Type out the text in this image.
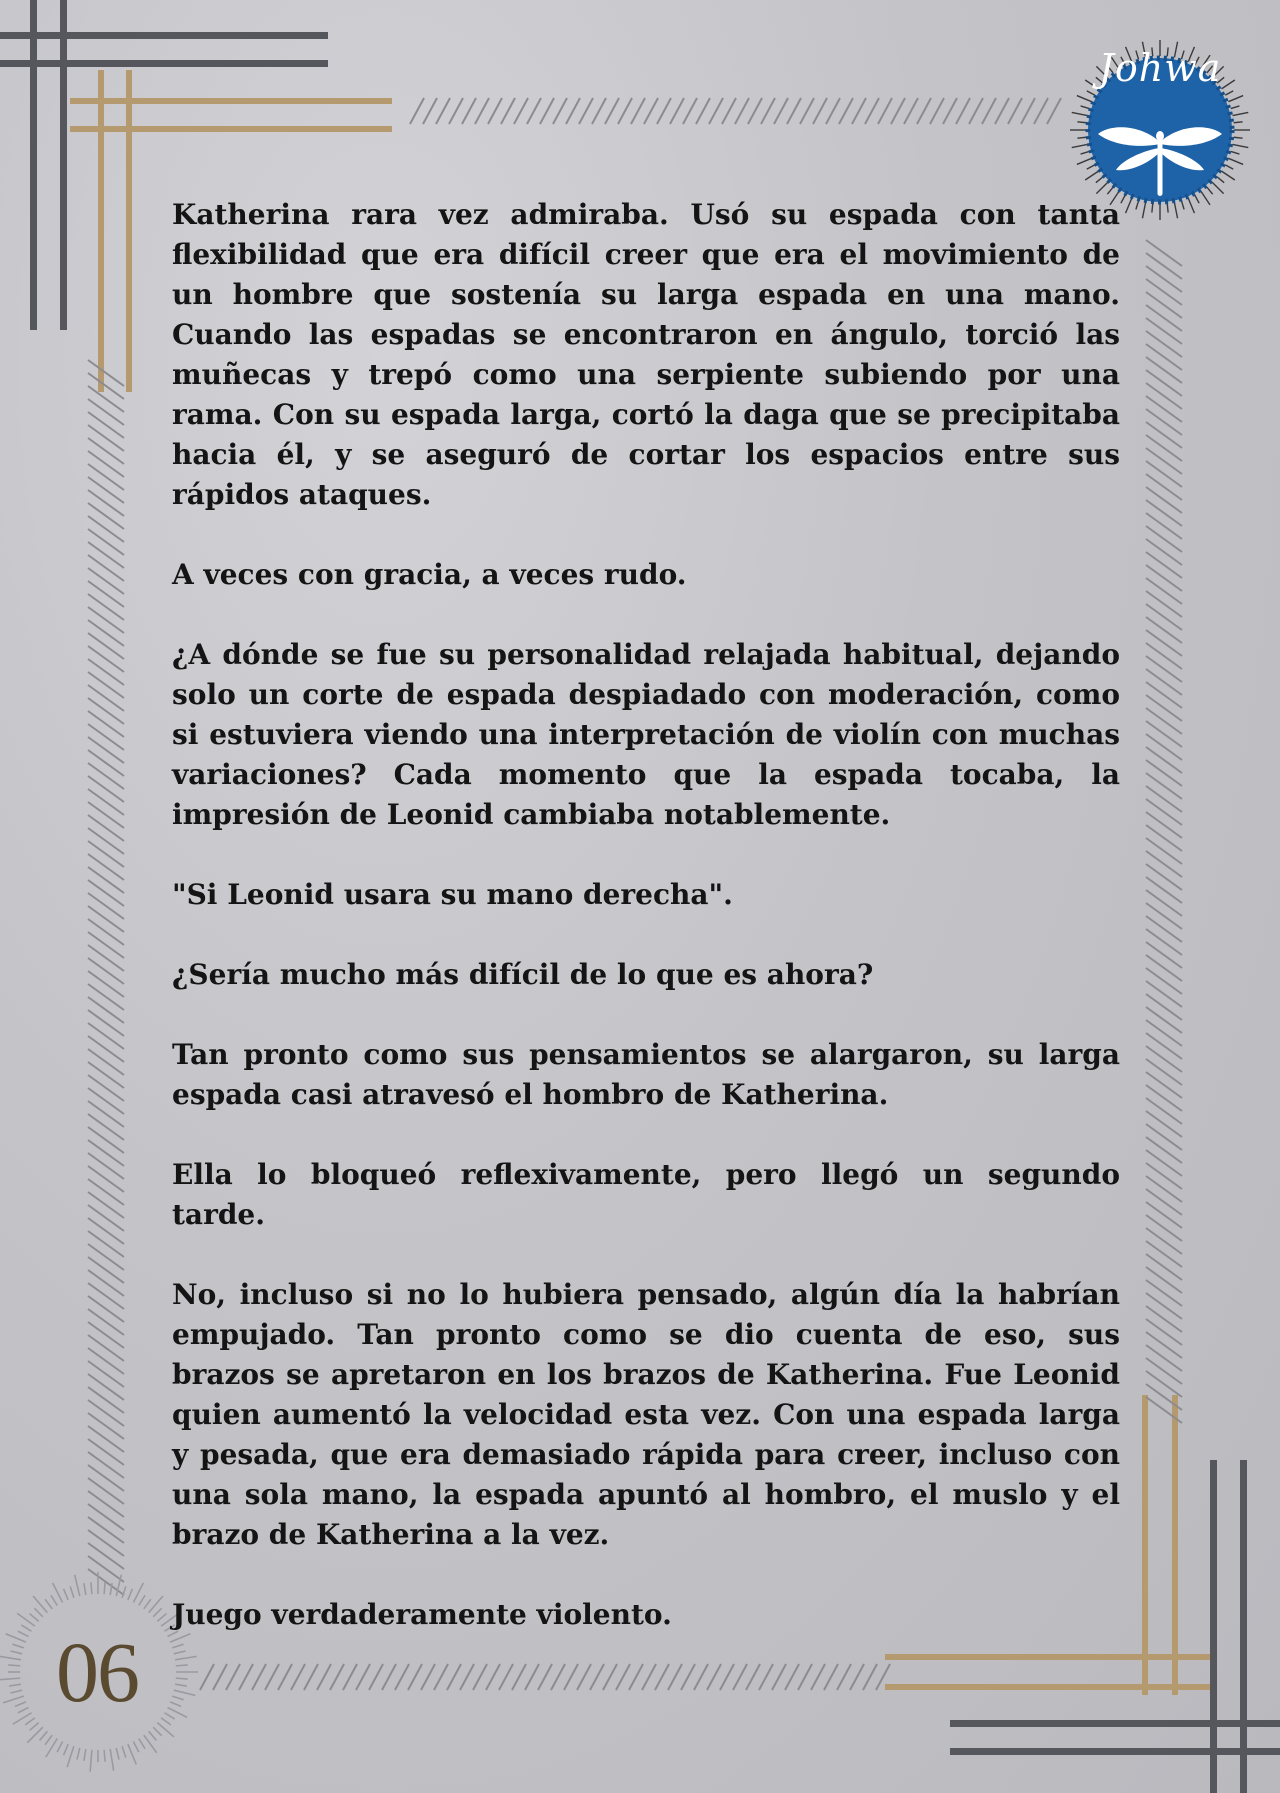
Johwa

Katherina rara vez admiraba. Usó su espada con tanta flexibilidad que era difícil creer que era el movimiento de un hombre que sostenía su larga espada en una mano. Cuando las espadas se encontraron en ángulo, torció las muñecas y trepó como una serpiente subiendo por una rama. Con su espada larga, cortó la daga que se precipitaba hacia él, y se aseguró de cortar los espacios entre sus rápidos ataques.

A veces con gracia, a veces rudo.

¿A dónde se fue su personalidad relajada habitual, dejando solo un corte de espada despiadado con moderación, como si estuviera viendo una interpretación de violín con muchas variaciones? Cada momento que la espada tocaba, la impresión de Leonid cambiaba notablemente.

"Si Leonid usara su mano derecha".

¿Sería mucho más difícil de lo que es ahora?

Tan pronto como sus pensamientos se alargaron, su larga espada casi atravesó el hombro de Katherina.

Ella lo bloqueó reflexivamente, pero llegó un segundo tarde.

No, incluso si no lo hubiera pensado, algún día la habrían empujado. Tan pronto como se dio cuenta de eso, sus brazos se apretaron en los brazos de Katherina. Fue Leonid quien aumentó la velocidad esta vez. Con una espada larga y pesada, que era demasiado rápida para creer, incluso con una sola mano, la espada apuntó al hombro, el muslo y el brazo de Katherina a la vez.

Juego verdaderamente violento.

06
